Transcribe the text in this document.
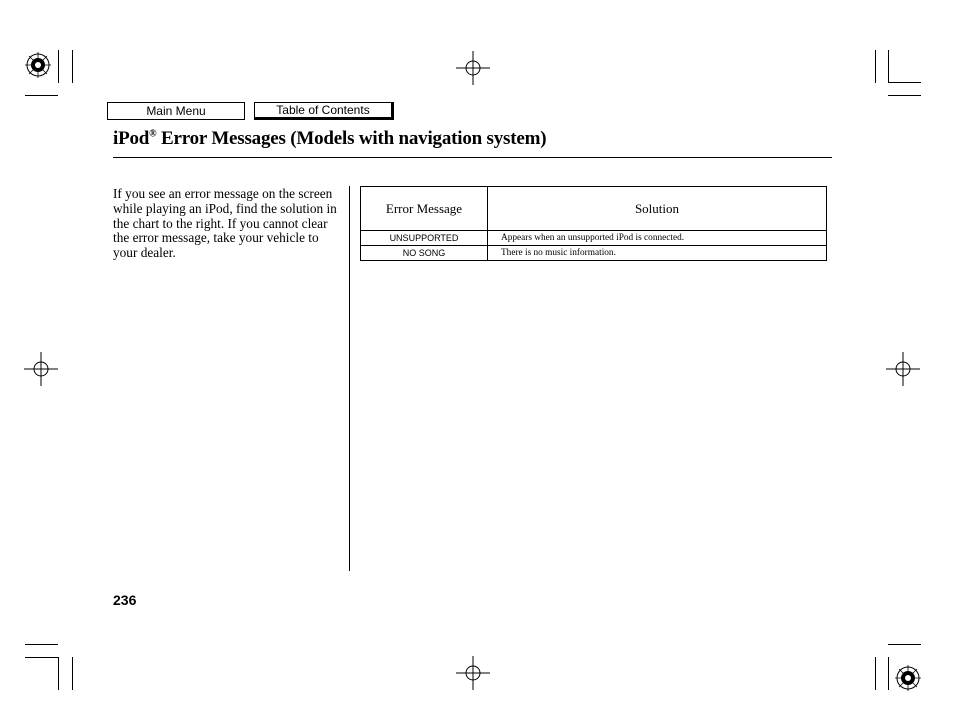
Main Menu	Table of Contents
iPod® Error Messages (Models with navigation system)
If you see an error message on the screen while playing an iPod, find the solution in the chart to the right. If you cannot clear the error message, take your vehicle to your dealer.
Error Message	Solution
UNSUPPORTED	Appears when an unsupported iPod is connected.
NO SONG	There is no music information.
236
